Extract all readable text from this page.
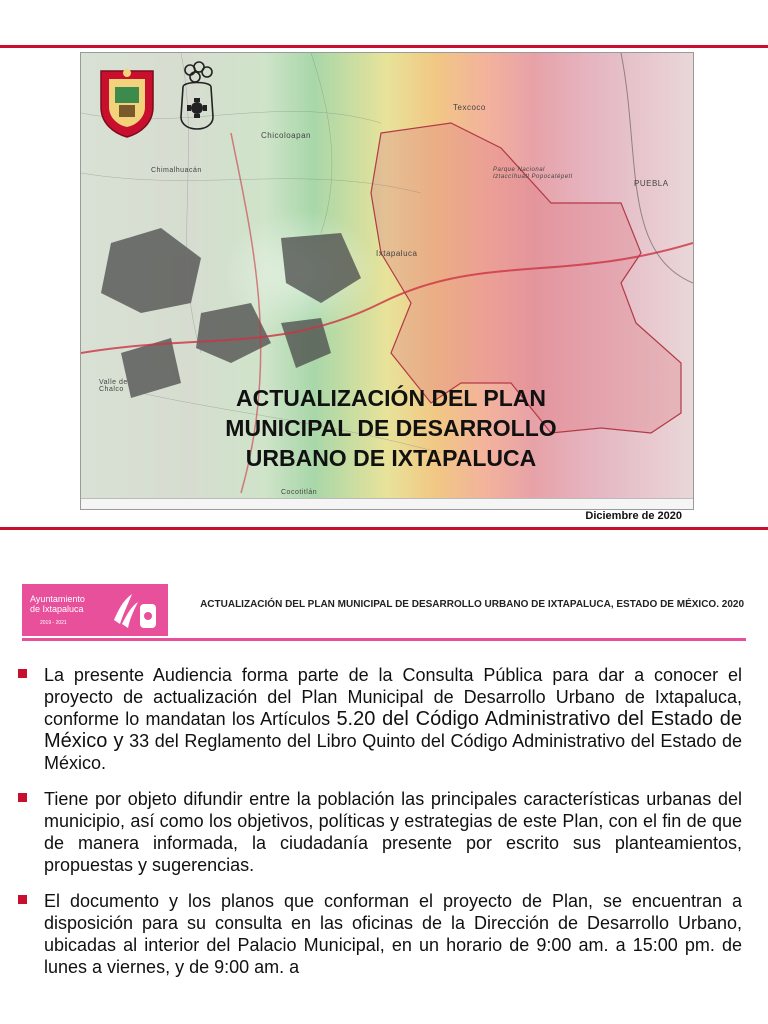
Texcoco
Chicoloapan
Chimalhuacán
PUEBLA
Ixtapaluca
Valle de Chalco
Cocotitlán
Parque Nacional Iztaccíhuatl Popocatépetl
ACTUALIZACIÓN DEL PLAN MUNICIPAL DE DESARROLLO URBANO DE IXTAPALUCA
Diciembre de 2020
Ayuntamiento
de Ixtapaluca
2019 - 2021
ACTUALIZACIÓN DEL PLAN MUNICIPAL DE DESARROLLO URBANO DE IXTAPALUCA, ESTADO DE MÉXICO. 2020
La presente Audiencia forma parte de la Consulta Pública para dar a conocer el proyecto de actualización del Plan Municipal de Desarrollo Urbano de Ixtapaluca, conforme lo mandatan los Artículos 5.20 del Código Administrativo del Estado de México y 33 del Reglamento del Libro Quinto del Código Administrativo del Estado de México.
Tiene por objeto difundir entre la población las principales características urbanas del municipio, así como los objetivos, políticas y estrategias de este Plan, con el fin de que de manera informada, la ciudadanía presente por escrito sus planteamientos, propuestas y sugerencias.
El documento y los planos que conforman el proyecto de Plan, se encuentran a disposición para su consulta en las oficinas de la Dirección de Desarrollo Urbano, ubicadas al interior del Palacio Municipal, en un horario de 9:00 am. a 15:00 pm. de lunes a viernes, y de 9:00 am. a
